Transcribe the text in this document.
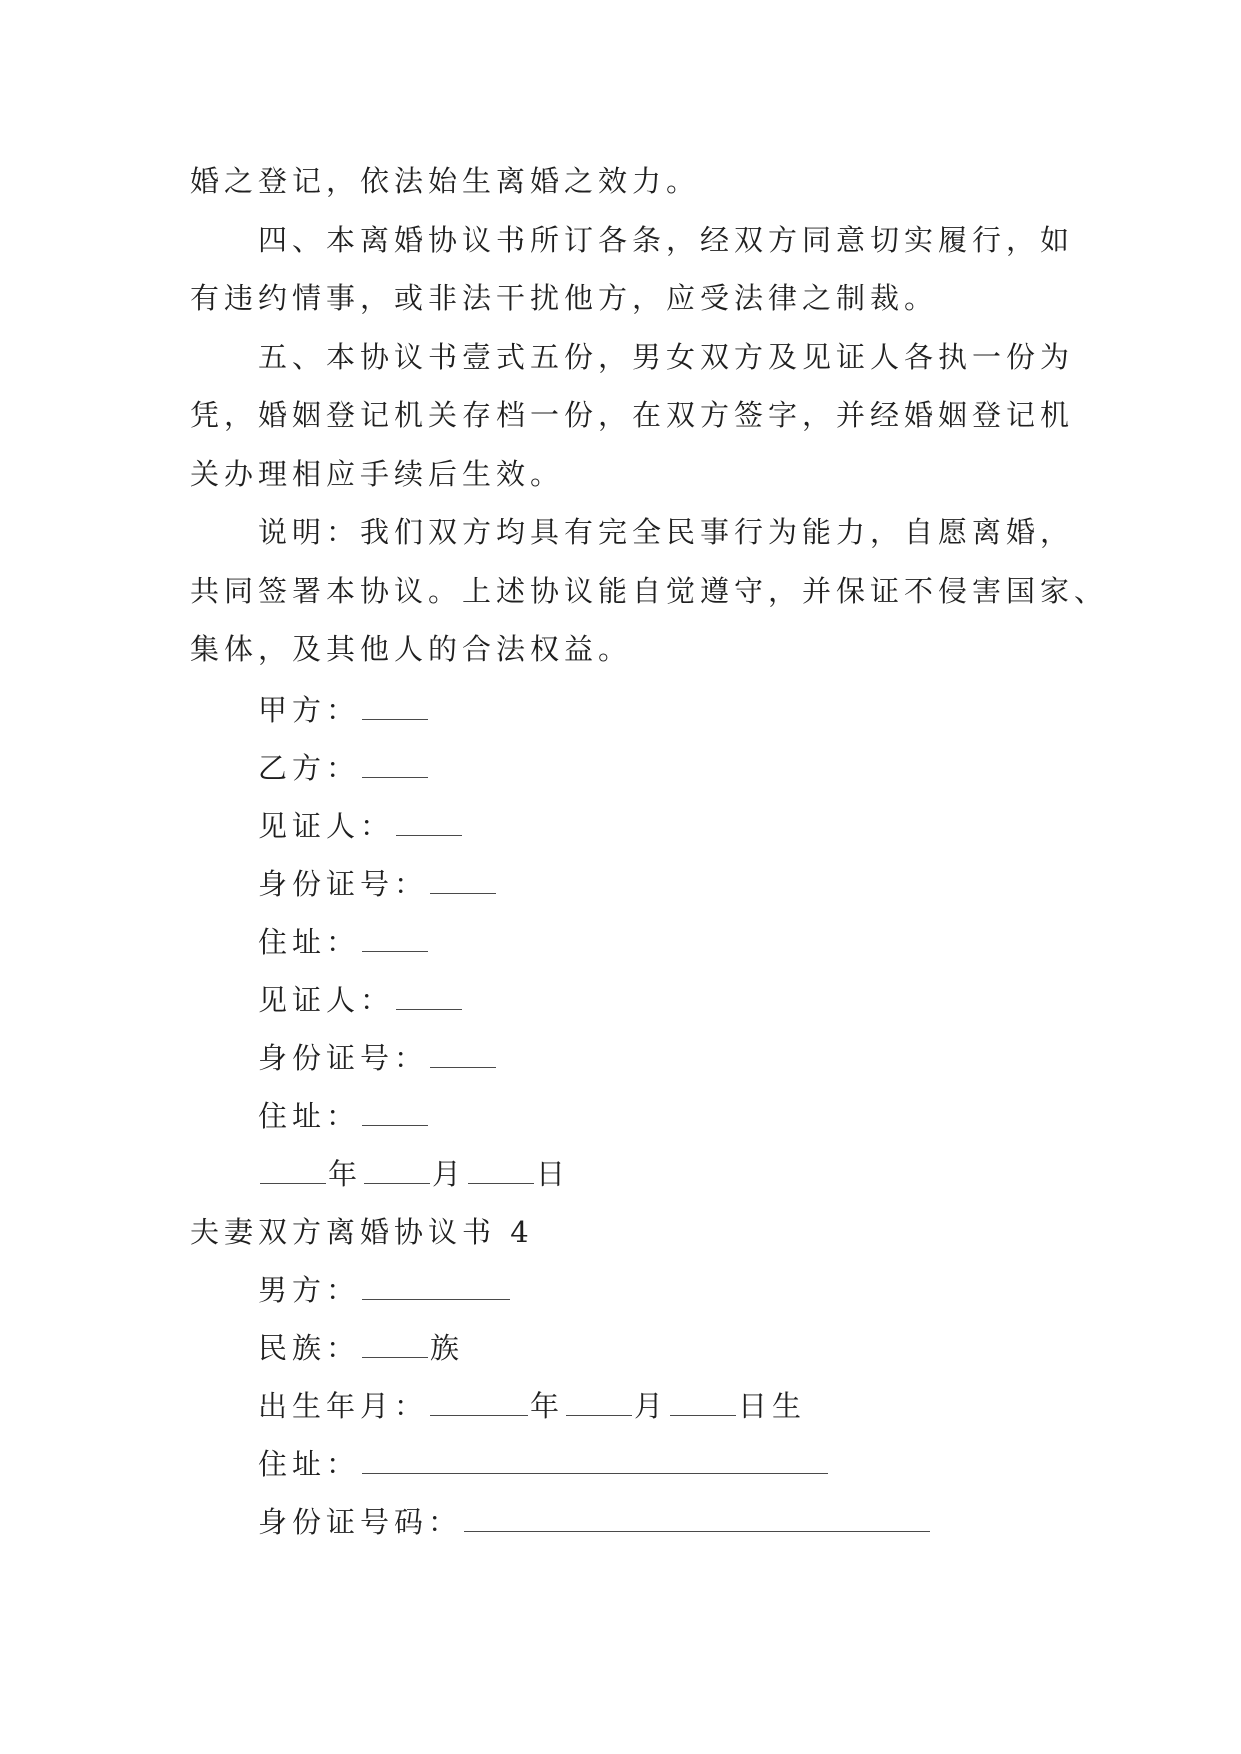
婚之登记，依法始生离婚之效力。
四、本离婚协议书所订各条，经双方同意切实履行，如
有违约情事，或非法干扰他方，应受法律之制裁。
五、本协议书壹式五份，男女双方及见证人各执一份为
凭，婚姻登记机关存档一份，在双方签字，并经婚姻登记机
关办理相应手续后生效。
说明：我们双方均具有完全民事行为能力，自愿离婚，
共同签署本协议。上述协议能自觉遵守，并保证不侵害国家、
集体，及其他人的合法权益。
甲方：
乙方：
见证人：
身份证号：
住址：
见证人：
身份证号：
住址：
年 月 日
夫妻双方离婚协议书 4
男方：
民族： 族
出生年月：	年 月 日生
住址：
身份证号码：
